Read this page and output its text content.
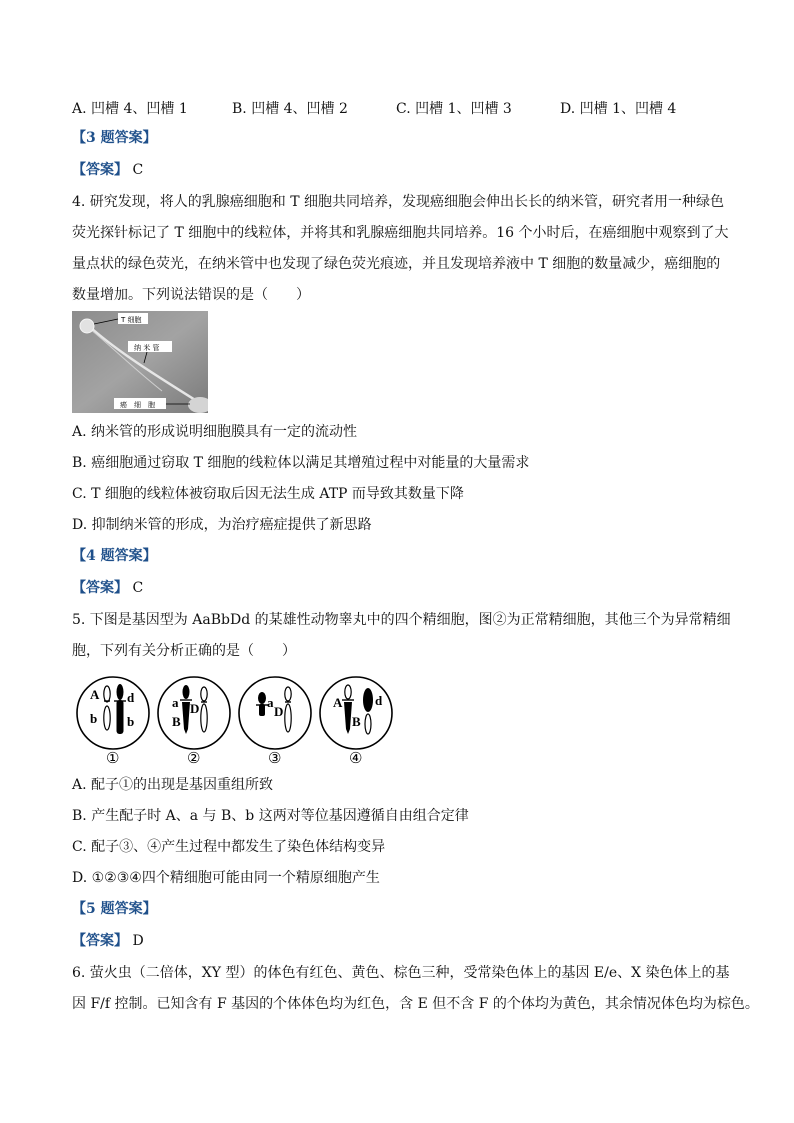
A. 凹槽 4、凹槽 1	B. 凹槽 4、凹槽 2	C. 凹槽 1、凹槽 3	D. 凹槽 1、凹槽 4
【3 题答案】
【答案】 C
4. 研究发现，将人的乳腺癌细胞和 T 细胞共同培养，发现癌细胞会伸出长长的纳米管，研究者用一种绿色
荧光探针标记了 T 细胞中的线粒体，并将其和乳腺癌细胞共同培养。16 个小时后，在癌细胞中观察到了大
量点状的绿色荧光，在纳米管中也发现了绿色荧光痕迹，并且发现培养液中 T 细胞的数量减少，癌细胞的
数量增加。下列说法错误的是（　　）
T 细胞
纳 米 管
癌　细　胞
A. 纳米管的形成说明细胞膜具有一定的流动性
B. 癌细胞通过窃取 T 细胞的线粒体以满足其增殖过程中对能量的大量需求
C. T 细胞的线粒体被窃取后因无法生成 ATP 而导致其数量下降
D. 抑制纳米管的形成，为治疗癌症提供了新思路
【4 题答案】
【答案】 C
5. 下图是基因型为 AaBbDd 的某雄性动物睾丸中的四个精细胞，图②为正常精细胞，其他三个为异常精细
胞，下列有关分析正确的是（　　）
A
b
d
b
①
a
B
D
②
a
D
③
A
B
d
④
A. 配子①的出现是基因重组所致
B. 产生配子时 A、a 与 B、b 这两对等位基因遵循自由组合定律
C. 配子③、④产生过程中都发生了染色体结构变异
D. ①②③④四个精细胞可能由同一个精原细胞产生
【5 题答案】
【答案】 D
6. 萤火虫（二倍体，XY 型）的体色有红色、黄色、棕色三种，受常染色体上的基因 E/e、X 染色体上的基
因 F/f 控制。已知含有 F 基因的个体体色均为红色，含 E 但不含 F 的个体均为黄色，其余情况体色均为棕色。
